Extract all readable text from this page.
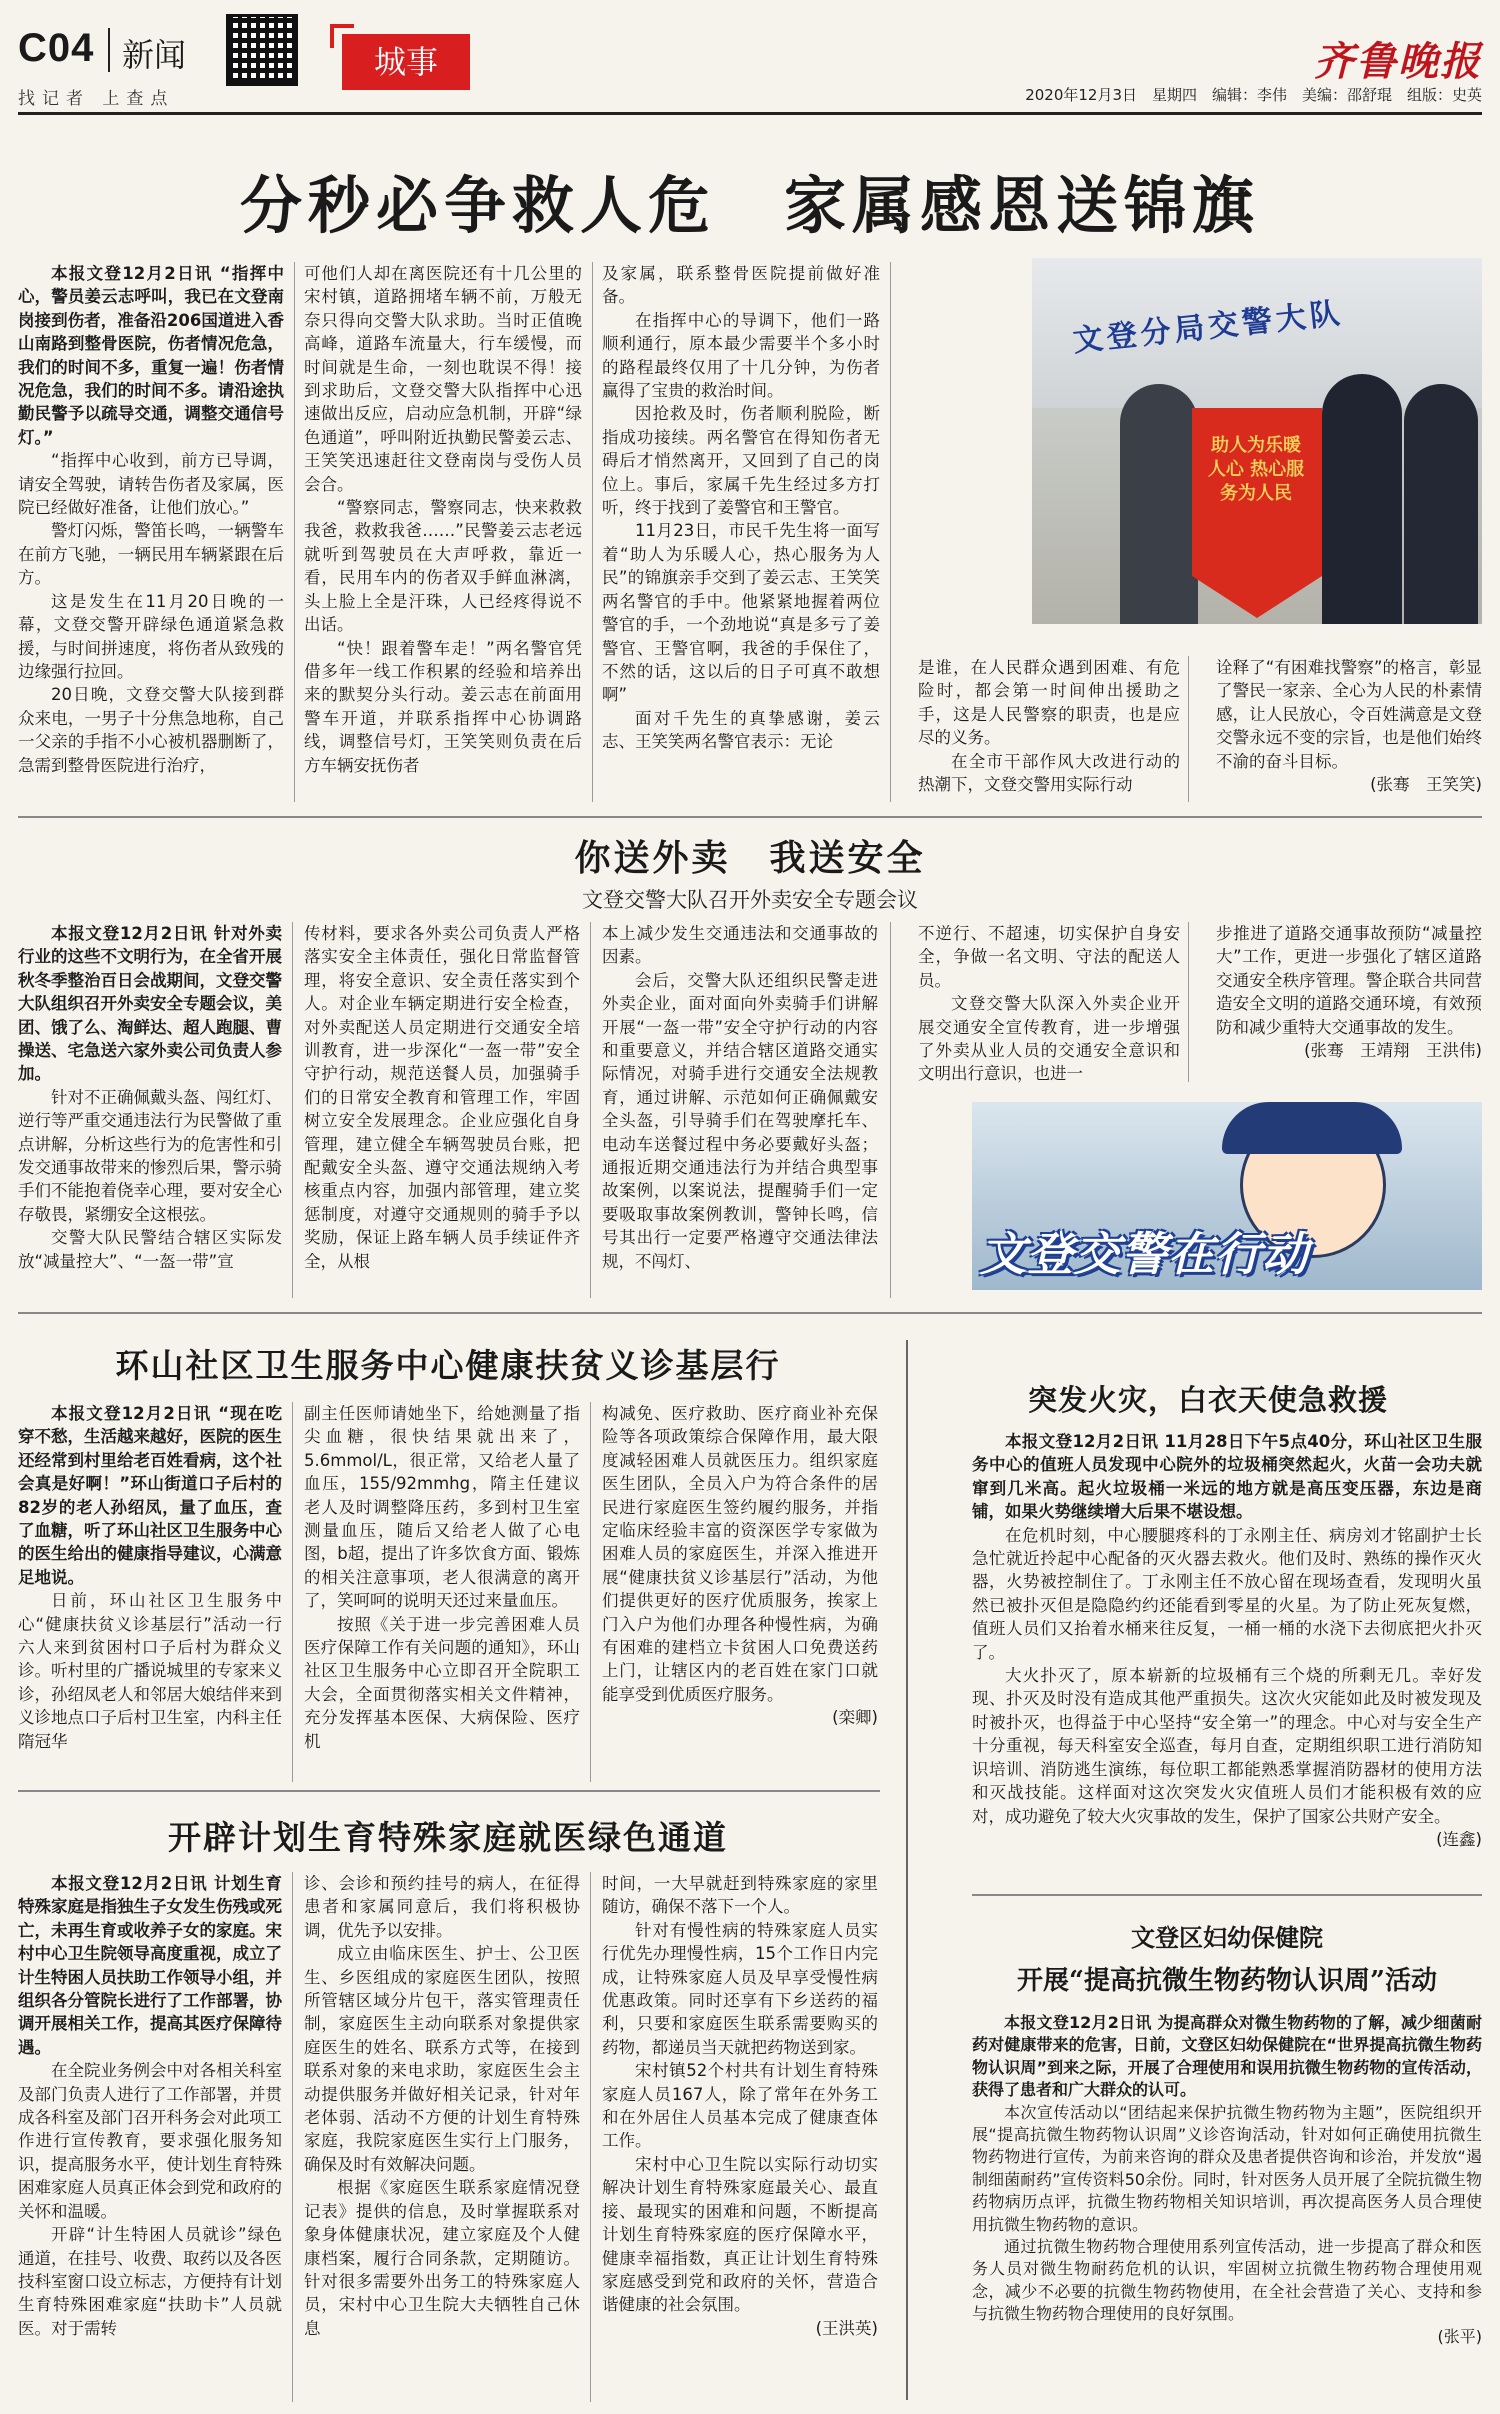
C04 新闻
找记者 上查点
城事	齐鲁晚报
2020年12月3日　星期四　编辑：李伟　美编：邵舒琨　组版：史英
分秒必争救人危　家属感恩送锦旗

本报文登12月2日讯 “指挥中心，警员姜云志呼叫，我已在文登南岗接到伤者，准备沿206国道进入香山南路到整骨医院，伤者情况危急，我们的时间不多，重复一遍！伤者情况危急，我们的时间不多。请沿途执勤民警予以疏导交通，调整交通信号灯。”

“指挥中心收到，前方已导调，请安全驾驶，请转告伤者及家属，医院已经做好准备，让他们放心。”

警灯闪烁，警笛长鸣，一辆警车在前方飞驰，一辆民用车辆紧跟在后方。

这是发生在11月20日晚的一幕，文登交警开辟绿色通道紧急救援，与时间拼速度，将伤者从致残的边缘强行拉回。

20日晚，文登交警大队接到群众来电，一男子十分焦急地称，自己一父亲的手指不小心被机器删断了，急需到整骨医院进行治疗，

可他们人却在离医院还有十几公里的宋村镇，道路拥堵车辆不前，万般无奈只得向交警大队求助。当时正值晚高峰，道路车流量大，行车缓慢，而时间就是生命，一刻也耽误不得！接到求助后，文登交警大队指挥中心迅速做出反应，启动应急机制，开辟“绿色通道”，呼叫附近执勤民警姜云志、王笑笑迅速赶往文登南岗与受伤人员会合。

“警察同志，警察同志，快来救救我爸，救救我爸……”民警姜云志老远就听到驾驶员在大声呼救，靠近一看，民用车内的伤者双手鲜血淋漓，头上脸上全是汗珠，人已经疼得说不出话。

“快！跟着警车走！”两名警官凭借多年一线工作积累的经验和培养出来的默契分头行动。姜云志在前面用警车开道，并联系指挥中心协调路线，调整信号灯，王笑笑则负责在后方车辆安抚伤者

及家属，联系整骨医院提前做好准备。

在指挥中心的导调下，他们一路顺利通行，原本最少需要半个多小时的路程最终仅用了十几分钟，为伤者赢得了宝贵的救治时间。

因抢救及时，伤者顺利脱险，断指成功接续。两名警官在得知伤者无碍后才悄然离开，又回到了自己的岗位上。事后，家属千先生经过多方打听，终于找到了姜警官和王警官。

11月23日，市民千先生将一面写着“助人为乐暖人心，热心服务为人民”的锦旗亲手交到了姜云志、王笑笑两名警官的手中。他紧紧地握着两位警官的手，一个劲地说“真是多亏了姜警官、王警官啊，我爸的手保住了，不然的话，这以后的日子可真不敢想啊”

面对千先生的真挚感谢，姜云志、王笑笑两名警官表示：无论

文登分局交警大队
助人为乐暖人心 热心服务为人民

是谁，在人民群众遇到困难、有危险时，都会第一时间伸出援助之手，这是人民警察的职责，也是应尽的义务。

在全市干部作风大改进行动的热潮下，文登交警用实际行动

诠释了“有困难找警察”的格言，彰显了警民一家亲、全心为人民的朴素情感，让人民放心，令百姓满意是文登交警永远不变的宗旨，也是他们始终不渝的奋斗目标。

(张骞　王笑笑)
你送外卖　我送安全
文登交警大队召开外卖安全专题会议

本报文登12月2日讯 针对外卖行业的这些不文明行为，在全省开展秋冬季整治百日会战期间，文登交警大队组织召开外卖安全专题会议，美团、饿了么、淘鲜达、超人跑腿、曹操送、宅急送六家外卖公司负责人参加。

针对不正确佩戴头盔、闯红灯、逆行等严重交通违法行为民警做了重点讲解，分析这些行为的危害性和引发交通事故带来的惨烈后果，警示骑手们不能抱着侥幸心理，要对安全心存敬畏，紧绷安全这根弦。

交警大队民警结合辖区实际发放“减量控大”、“一盔一带”宣

传材料，要求各外卖公司负责人严格落实安全主体责任，强化日常监督管理，将安全意识、安全责任落实到个人。对企业车辆定期进行安全检查，对外卖配送人员定期进行交通安全培训教育，进一步深化“一盔一带”安全守护行动，规范送餐人员，加强骑手们的日常安全教育和管理工作，牢固树立安全发展理念。企业应强化自身管理，建立健全车辆驾驶员台账，把配戴安全头盔、遵守交通法规纳入考核重点内容，加强内部管理，建立奖惩制度，对遵守交通规则的骑手予以奖励，保证上路车辆人员手续证件齐全，从根

本上减少发生交通违法和交通事故的因素。

会后，交警大队还组织民警走进外卖企业，面对面向外卖骑手们讲解开展“一盔一带”安全守护行动的内容和重要意义，并结合辖区道路交通实际情况，对骑手进行交通安全法规教育，通过讲解、示范如何正确佩戴安全头盔，引导骑手们在驾驶摩托车、电动车送餐过程中务必要戴好头盔；通报近期交通违法行为并结合典型事故案例，以案说法，提醒骑手们一定要吸取事故案例教训，警钟长鸣，信号其出行一定要严格遵守交通法律法规，不闯灯、

不逆行、不超速，切实保护自身安全，争做一名文明、守法的配送人员。

文登交警大队深入外卖企业开展交通安全宣传教育，进一步增强了外卖从业人员的交通安全意识和文明出行意识，也进一

步推进了道路交通事故预防“减量控大”工作，更进一步强化了辖区道路交通安全秩序管理。警企联合共同营造安全文明的道路交通环境，有效预防和减少重特大交通事故的发生。

(张骞　王靖翔　王洪伟)
文登交警在行动
环山社区卫生服务中心健康扶贫义诊基层行

本报文登12月2日讯 “现在吃穿不愁，生活越来越好，医院的医生还经常到村里给老百姓看病，这个社会真是好啊！”环山街道口子后村的82岁的老人孙绍凤，量了血压，查了血糖，听了环山社区卫生服务中心的医生给出的健康指导建议，心满意足地说。

日前，环山社区卫生服务中心“健康扶贫义诊基层行”活动一行六人来到贫困村口子后村为群众义诊。听村里的广播说城里的专家来义诊，孙绍凤老人和邻居大娘结伴来到义诊地点口子后村卫生室，内科主任隋冠华

副主任医师请她坐下，给她测量了指尖血糖，很快结果就出来了，5.6mmol/L，很正常，又给老人量了血压，155/92mmhg，隋主任建议老人及时调整降压药，多到村卫生室测量血压，随后又给老人做了心电图，b超，提出了许多饮食方面、锻炼的相关注意事项，老人很满意的离开了，笑呵呵的说明天还过来量血压。

按照《关于进一步完善困难人员医疗保障工作有关问题的通知》，环山社区卫生服务中心立即召开全院职工大会，全面贯彻落实相关文件精神，充分发挥基本医保、大病保险、医疗机

构减免、医疗救助、医疗商业补充保险等各项政策综合保障作用，最大限度减轻困难人员就医压力。组织家庭医生团队，全员入户为符合条件的居民进行家庭医生签约履约服务，并指定临床经验丰富的资深医学专家做为困难人员的家庭医生，并深入推进开展“健康扶贫义诊基层行”活动，为他们提供更好的医疗优质服务，挨家上门入户为他们办理各种慢性病，为确有困难的建档立卡贫困人口免费送药上门，让辖区内的老百姓在家门口就能享受到优质医疗服务。

(栾卿)
开辟计划生育特殊家庭就医绿色通道

本报文登12月2日讯 计划生育特殊家庭是指独生子女发生伤残或死亡，未再生育或收养子女的家庭。宋村中心卫生院领导高度重视，成立了计生特困人员扶助工作领导小组，并组织各分管院长进行了工作部署，协调开展相关工作，提高其医疗保障待遇。

在全院业务例会中对各相关科室及部门负责人进行了工作部署，并贯成各科室及部门召开科务会对此项工作进行宣传教育，要求强化服务知识，提高服务水平，使计划生育特殊困难家庭人员真正体会到党和政府的关怀和温暖。

开辟“计生特困人员就诊”绿色通道，在挂号、收费、取药以及各医技科室窗口设立标志，方便持有计划生育特殊困难家庭“扶助卡”人员就医。对于需转

诊、会诊和预约挂号的病人，在征得患者和家属同意后，我们将积极协调，优先予以安排。

成立由临床医生、护士、公卫医生、乡医组成的家庭医生团队，按照所管辖区域分片包干，落实管理责任制，家庭医生主动向联系对象提供家庭医生的姓名、联系方式等，在接到联系对象的来电求助，家庭医生会主动提供服务并做好相关记录，针对年老体弱、活动不方便的计划生育特殊家庭，我院家庭医生实行上门服务，确保及时有效解决问题。

根据《家庭医生联系家庭情况登记表》提供的信息，及时掌握联系对象身体健康状况，建立家庭及个人健康档案，履行合同条款，定期随访。针对很多需要外出务工的特殊家庭人员，宋村中心卫生院大夫牺牲自己休息

时间，一大早就赶到特殊家庭的家里随访，确保不落下一个人。

针对有慢性病的特殊家庭人员实行优先办理慢性病，15个工作日内完成，让特殊家庭人员及早享受慢性病优惠政策。同时还享有下乡送药的福利，只要和家庭医生联系需要购买的药物，都递员当天就把药物送到家。

宋村镇52个村共有计划生育特殊家庭人员167人，除了常年在外务工和在外居住人员基本完成了健康查体工作。

宋村中心卫生院以实际行动切实解决计划生育特殊家庭最关心、最直接、最现实的困难和问题，不断提高计划生育特殊家庭的医疗保障水平，健康幸福指数，真正让计划生育特殊家庭感受到党和政府的关怀，营造合谐健康的社会氛围。

(王洪英)
突发火灾，白衣天使急救援

本报文登12月2日讯 11月28日下午5点40分，环山社区卫生服务中心的值班人员发现中心院外的垃圾桶突然起火，火苗一会功夫就窜到几米高。起火垃圾桶一米远的地方就是高压变压器，东边是商铺，如果火势继续增大后果不堪设想。

在危机时刻，中心腰腿疼科的丁永刚主任、病房刘才铭副护士长急忙就近拎起中心配备的灭火器去救火。他们及时、熟练的操作灭火器，火势被控制住了。丁永刚主任不放心留在现场查看，发现明火虽然已被扑灭但是隐隐约约还能看到零星的火星。为了防止死灰复燃，值班人员们又抬着水桶来往反复，一桶一桶的水浇下去彻底把火扑灭了。

大火扑灭了，原本崭新的垃圾桶有三个烧的所剩无几。幸好发现、扑灭及时没有造成其他严重损失。这次火灾能如此及时被发现及时被扑灭，也得益于中心坚持“安全第一”的理念。中心对与安全生产十分重视，每天科室安全巡查，每月自查，定期组织职工进行消防知识培训、消防逃生演练，每位职工都能熟悉掌握消防器材的使用方法和灭战技能。这样面对这次突发火灾值班人员们才能积极有效的应对，成功避免了较大火灾事故的发生，保护了国家公共财产安全。

(连鑫)
文登区妇幼保健院
开展“提高抗微生物药物认识周”活动

本报文登12月2日讯 为提高群众对微生物药物的了解，减少细菌耐药对健康带来的危害，日前，文登区妇幼保健院在“世界提高抗微生物药物认识周”到来之际，开展了合理使用和误用抗微生物药物的宣传活动，获得了患者和广大群众的认可。

本次宣传活动以“团结起来保护抗微生物药物为主题”，医院组织开展“提高抗微生物药物认识周”义诊咨询活动，针对如何正确使用抗微生物药物进行宣传，为前来咨询的群众及患者提供咨询和诊治，并发放“遏制细菌耐药”宣传资料50余份。同时，针对医务人员开展了全院抗微生物药物病历点评，抗微生物药物相关知识培训，再次提高医务人员合理使用抗微生物药物的意识。

通过抗微生物药物合理使用系列宣传活动，进一步提高了群众和医务人员对微生物耐药危机的认识，牢固树立抗微生物药物合理使用观念，减少不必要的抗微生物药物使用，在全社会营造了关心、支持和参与抗微生物药物合理使用的良好氛围。

(张平)
